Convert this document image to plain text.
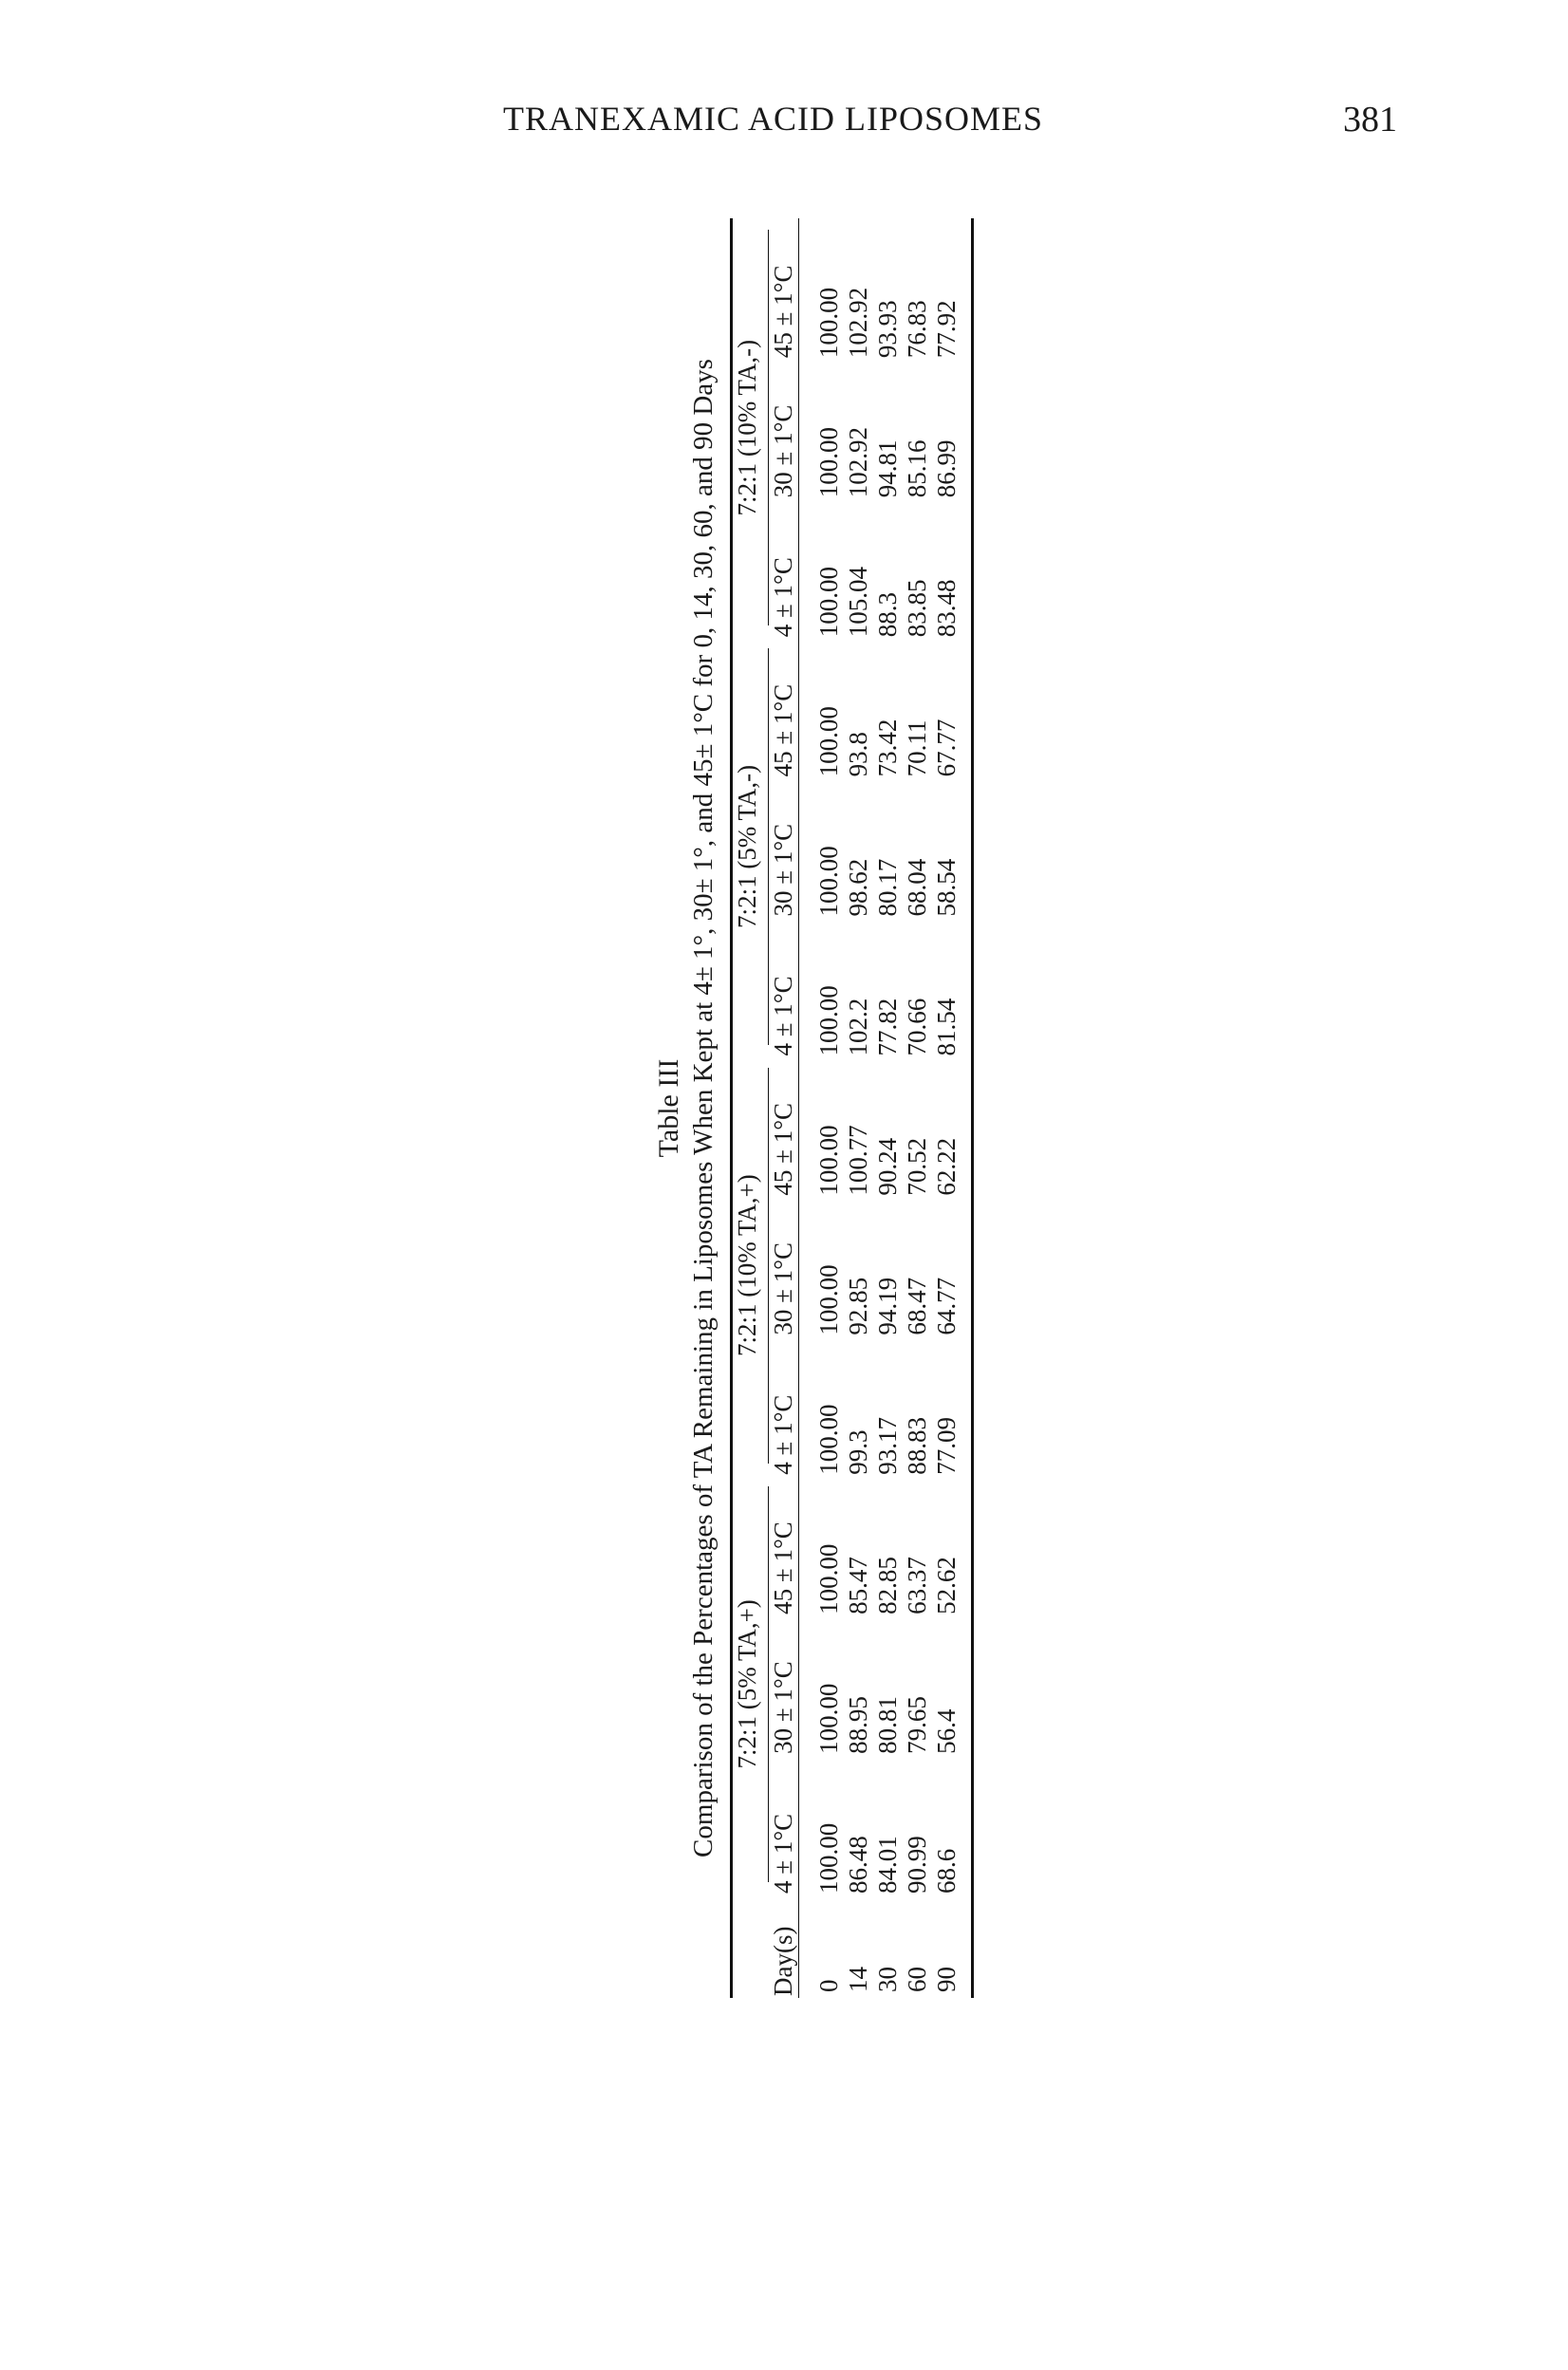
TRANEXAMIC ACID LIPOSOMES	381
Table III Comparison of the Percentages of TA Remaining in Liposomes When Kept at 4± 1°, 30± 1°, and 45± 1°C for 0, 14, 30, 60, and 90 Days
	7:2:1 (5% TA,+)			7:2:1 (10% TA,+)			7:2:1 (5% TA,-)			7:2:1 (10% TA,-)		

Day(s)	4 ± 1°C	30 ± 1°C	45 ± 1°C	4 ± 1°C	30 ± 1°C	45 ± 1°C	4 ± 1°C	30 ± 1°C	45 ± 1°C	4 ± 1°C	30 ± 1°C	45 ± 1°C
0	100.00	100.00	100.00	100.00	100.00	100.00	100.00	100.00	100.00	100.00	100.00	100.00
14	86.48	88.95	85.47	99.3	92.85	100.77	102.2	98.62	93.8	105.04	102.92	102.92
30	84.01	80.81	82.85	93.17	94.19	90.24	77.82	80.17	73.42	88.3	94.81	93.93
60	90.99	79.65	63.37	88.83	68.47	70.52	70.66	68.04	70.11	83.85	85.16	76.83
90	68.6	56.4	52.62	77.09	64.77	62.22	81.54	58.54	67.77	83.48	86.99	77.92
